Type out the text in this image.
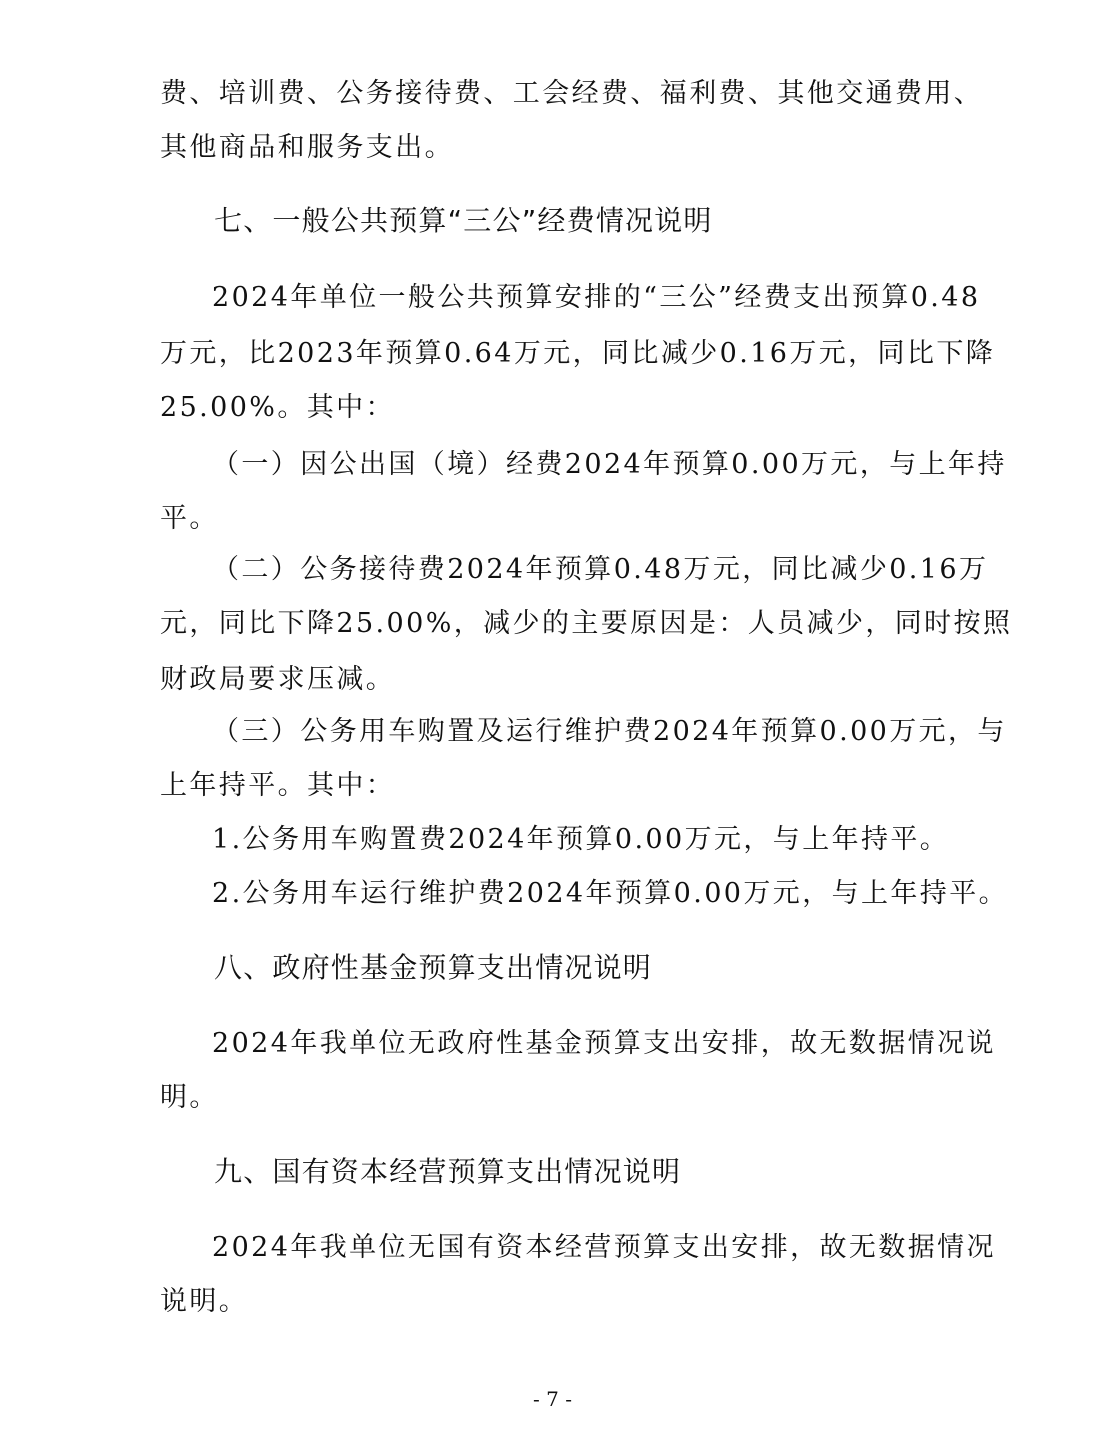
费、培训费、公务接待费、工会经费、福利费、其他交通费用、
其他商品和服务支出。
七、一般公共预算“三公”经费情况说明
2024年单位一般公共预算安排的“三公”经费支出预算0.48
万元，比2023年预算0.64万元，同比减少0.16万元，同比下降
25.00%。其中：
（一）因公出国（境）经费2024年预算0.00万元，与上年持
平。
（二）公务接待费2024年预算0.48万元，同比减少0.16万
元，同比下降25.00%，减少的主要原因是：人员减少，同时按照
财政局要求压减。
（三）公务用车购置及运行维护费2024年预算0.00万元，与
上年持平。其中：
1.公务用车购置费2024年预算0.00万元，与上年持平。
2.公务用车运行维护费2024年预算0.00万元，与上年持平。
八、政府性基金预算支出情况说明
2024年我单位无政府性基金预算支出安排，故无数据情况说
明。
九、国有资本经营预算支出情况说明
2024年我单位无国有资本经营预算支出安排，故无数据情况
说明。
- 7 -
